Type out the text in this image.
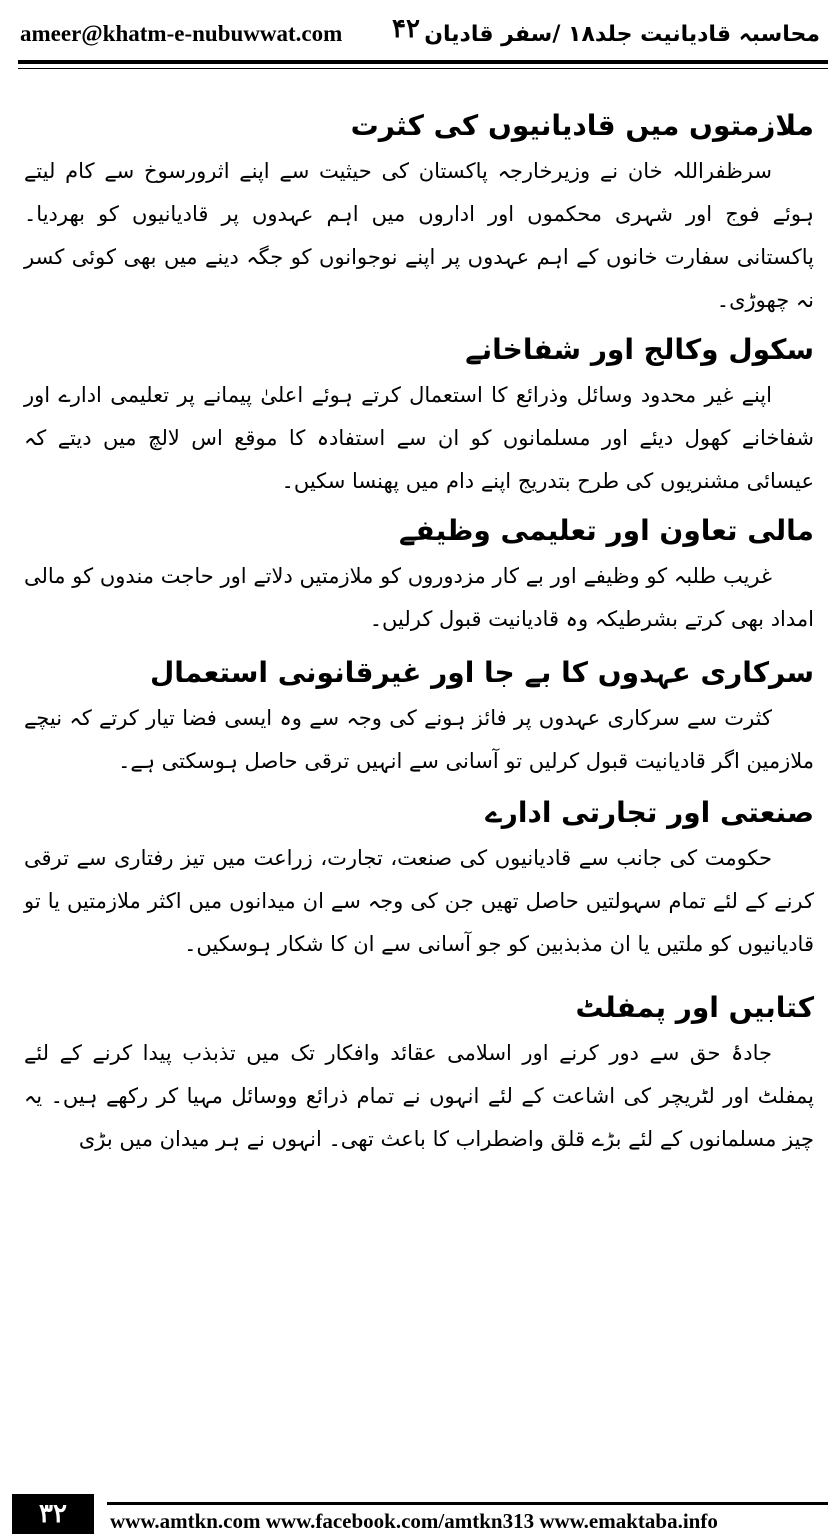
ameer@khatm-e-nubuwwat.com ۴۲ محاسبہ قادیانیت جلد۱۸ /سفر قادیان
ملازمتوں میں قادیانیوں کی کثرت

سرظفراللہ خان نے وزیرخارجہ پاکستان کی حیثیت سے اپنے اثرورسوخ سے کام لیتے ہوئے فوج اور شہری محکموں اور اداروں میں اہم عہدوں پر قادیانیوں کو بھردیا۔ پاکستانی سفارت خانوں کے اہم عہدوں پر اپنے نوجوانوں کو جگہ دینے میں بھی کوئی کسر نہ چھوڑی۔

سکول وکالج اور شفاخانے

اپنے غیر محدود وسائل وذرائع کا استعمال کرتے ہوئے اعلیٰ پیمانے پر تعلیمی ادارے اور شفاخانے کھول دیئے اور مسلمانوں کو ان سے استفادہ کا موقع اس لالچ میں دیتے کہ عیسائی مشنریوں کی طرح بتدریج اپنے دام میں پھنسا سکیں۔

مالی تعاون اور تعلیمی وظیفے

غریب طلبہ کو وظیفے اور بے کار مزدوروں کو ملازمتیں دلاتے اور حاجت مندوں کو مالی امداد بھی کرتے بشرطیکہ وہ قادیانیت قبول کرلیں۔

سرکاری عہدوں کا بے جا اور غیرقانونی استعمال

کثرت سے سرکاری عہدوں پر فائز ہونے کی وجہ سے وہ ایسی فضا تیار کرتے کہ نیچے ملازمین اگر قادیانیت قبول کرلیں تو آسانی سے انہیں ترقی حاصل ہوسکتی ہے۔

صنعتی اور تجارتی ادارے

حکومت کی جانب سے قادیانیوں کی صنعت، تجارت، زراعت میں تیز رفتاری سے ترقی کرنے کے لئے تمام سہولتیں حاصل تھیں جن کی وجہ سے ان میدانوں میں اکثر ملازمتیں یا تو قادیانیوں کو ملتیں یا ان مذبذبین کو جو آسانی سے ان کا شکار ہوسکیں۔

کتابیں اور پمفلٹ

جادۂ حق سے دور کرنے اور اسلامی عقائد وافکار تک میں تذبذب پیدا کرنے کے لئے پمفلٹ اور لٹریچر کی اشاعت کے لئے انہوں نے تمام ذرائع ووسائل مہیا کر رکھے ہیں۔ یہ چیز مسلمانوں کے لئے بڑے قلق واضطراب کا باعث تھی۔ انہوں نے ہر میدان میں بڑی

۳۲	www.amtkn.com www.facebook.com/amtkn313 www.emaktaba.info
